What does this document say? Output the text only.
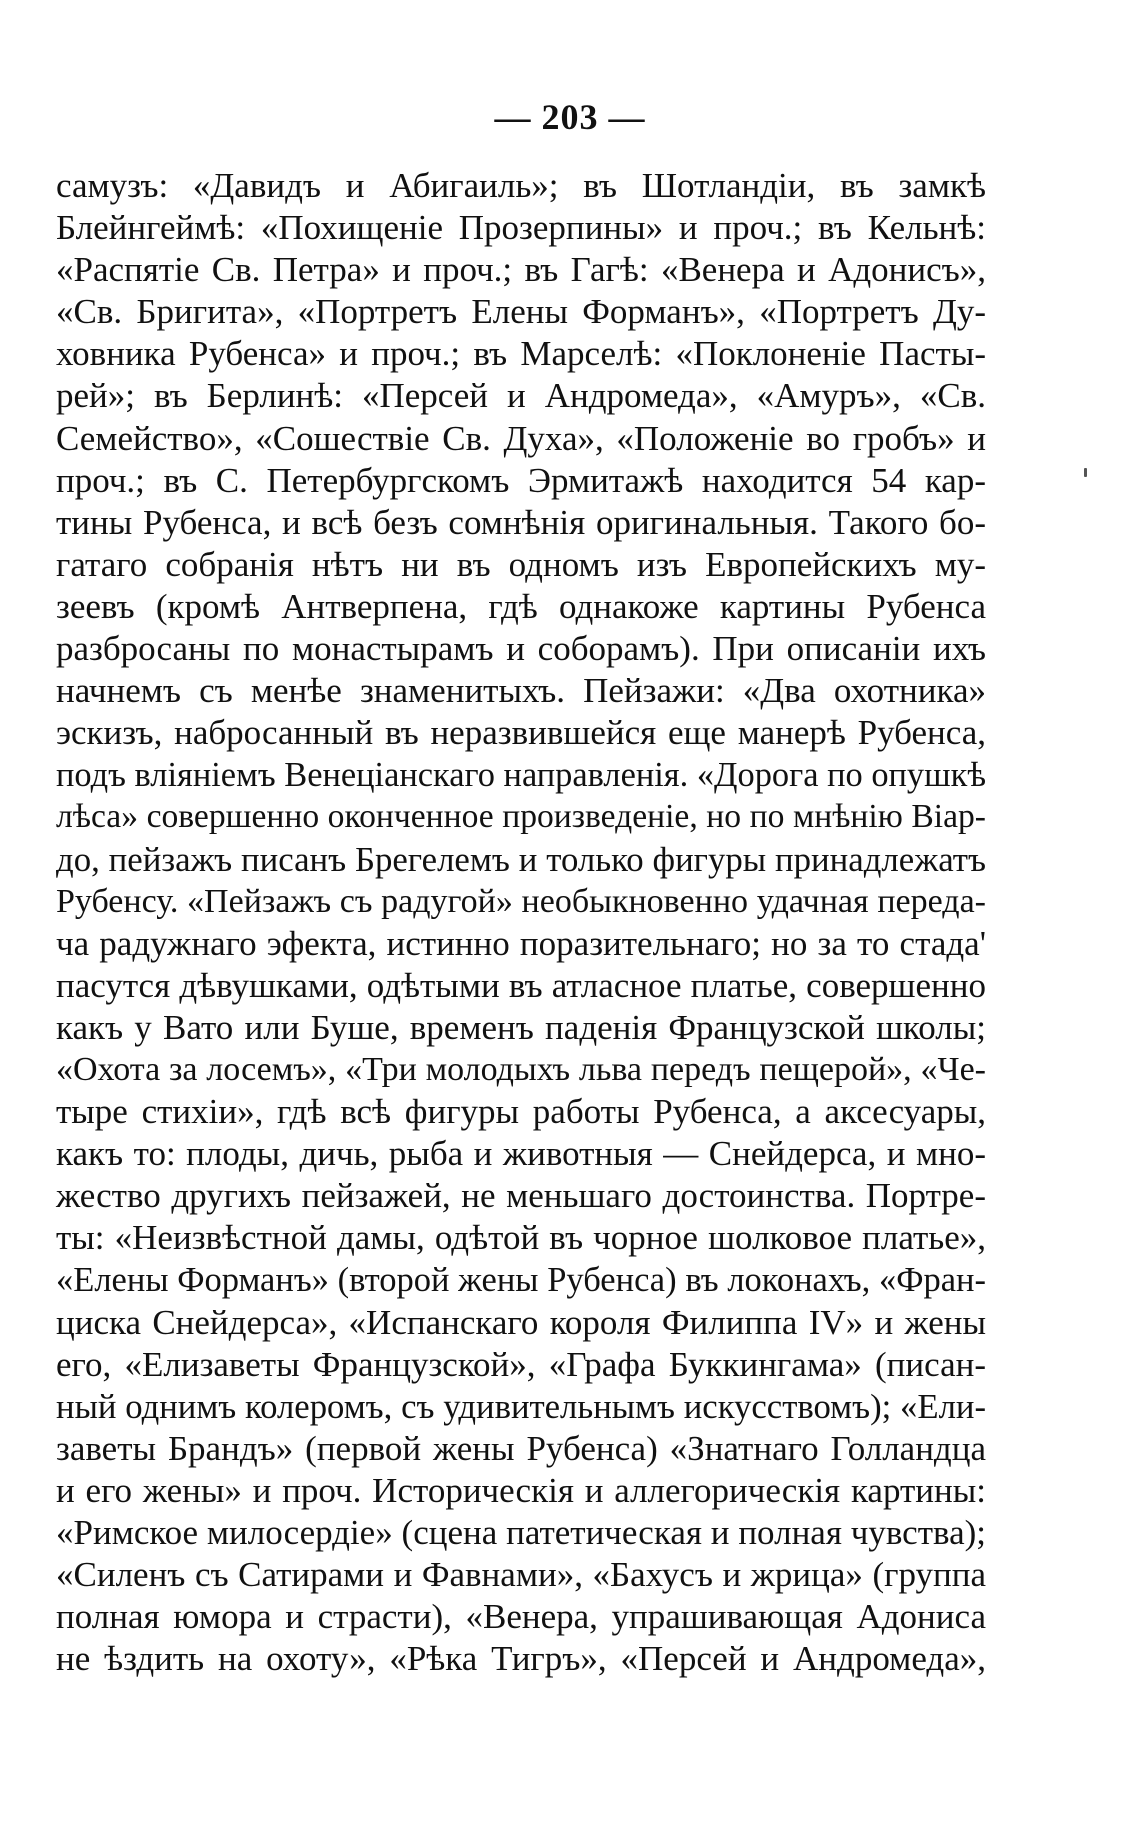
— 203 —
самузъ: «Давидъ и Абигаиль»; въ Шотландіи, въ замкѣ
Блейнгеймѣ: «Похищеніе Прозерпины» и проч.; въ Кельнѣ:
«Распятіе Св. Петра» и проч.; въ Гагѣ: «Венера и Адонисъ»,
«Св. Бригита», «Портретъ Елены Форманъ», «Портретъ Ду-
ховника Рубенса» и проч.; въ Марселѣ: «Поклоненіе Пасты-
рей»; въ Берлинѣ: «Персей и Андромеда», «Амуръ», «Св.
Семейство», «Сошествіе Св. Духа», «Положеніе во гробъ» и
проч.; въ С. Петербургскомъ Эрмитажѣ находится 54 кар-
тины Рубенса, и всѣ безъ сомнѣнія оригинальныя. Такого бо-
гатаго собранія нѣтъ ни въ одномъ изъ Европейскихъ му-
зеевъ (кромѣ Антверпена, гдѣ однакоже картины Рубенса
разбросаны по монастырамъ и соборамъ). При описаніи ихъ
начнемъ съ менѣе знаменитыхъ. Пейзажи: «Два охотника»
эскизъ, набросанный въ неразвившейся еще манерѣ Рубенса,
подъ вліяніемъ Венеціанскаго направленія. «Дорога по опушкѣ
лѣса» совершенно оконченное произведеніе, но по мнѣнію Віар-
до, пейзажъ писанъ Брегелемъ и только фигуры принадлежатъ
Рубенсу. «Пейзажъ съ радугой» необыкновенно удачная переда-
ча радужнаго эфекта, истинно поразительнаго; но за то стада'
пасутся дѣвушками, одѣтыми въ атласное платье, совершенно
какъ у Вато или Буше, временъ паденія Французской школы;
«Охота за лосемъ», «Три молодыхъ льва передъ пещерой», «Че-
тыре стихіи», гдѣ всѣ фигуры работы Рубенса, а аксесуары,
какъ то: плоды, дичь, рыба и животныя — Снейдерса, и мно-
жество другихъ пейзажей, не меньшаго достоинства. Портре-
ты: «Неизвѣстной дамы, одѣтой въ чорное шолковое платье»,
«Елены Форманъ» (второй жены Рубенса) въ локонахъ, «Фран-
циска Снейдерса», «Испанскаго короля Филиппа IV» и жены
его, «Елизаветы Французской», «Графа Буккингама» (писан-
ный однимъ колеромъ, съ удивительнымъ искусствомъ); «Ели-
заветы Брандъ» (первой жены Рубенса) «Знатнаго Голландца
и его жены» и проч. Историческія и аллегорическія картины:
«Римское милосердіе» (сцена патетическая и полная чувства);
«Силенъ съ Сатирами и Фавнами», «Бахусъ и жрица» (группа
полная юмора и страсти), «Венера, упрашивающая Адониса
не ѣздить на охоту», «Рѣка Тигръ», «Персей и Андромеда»,
